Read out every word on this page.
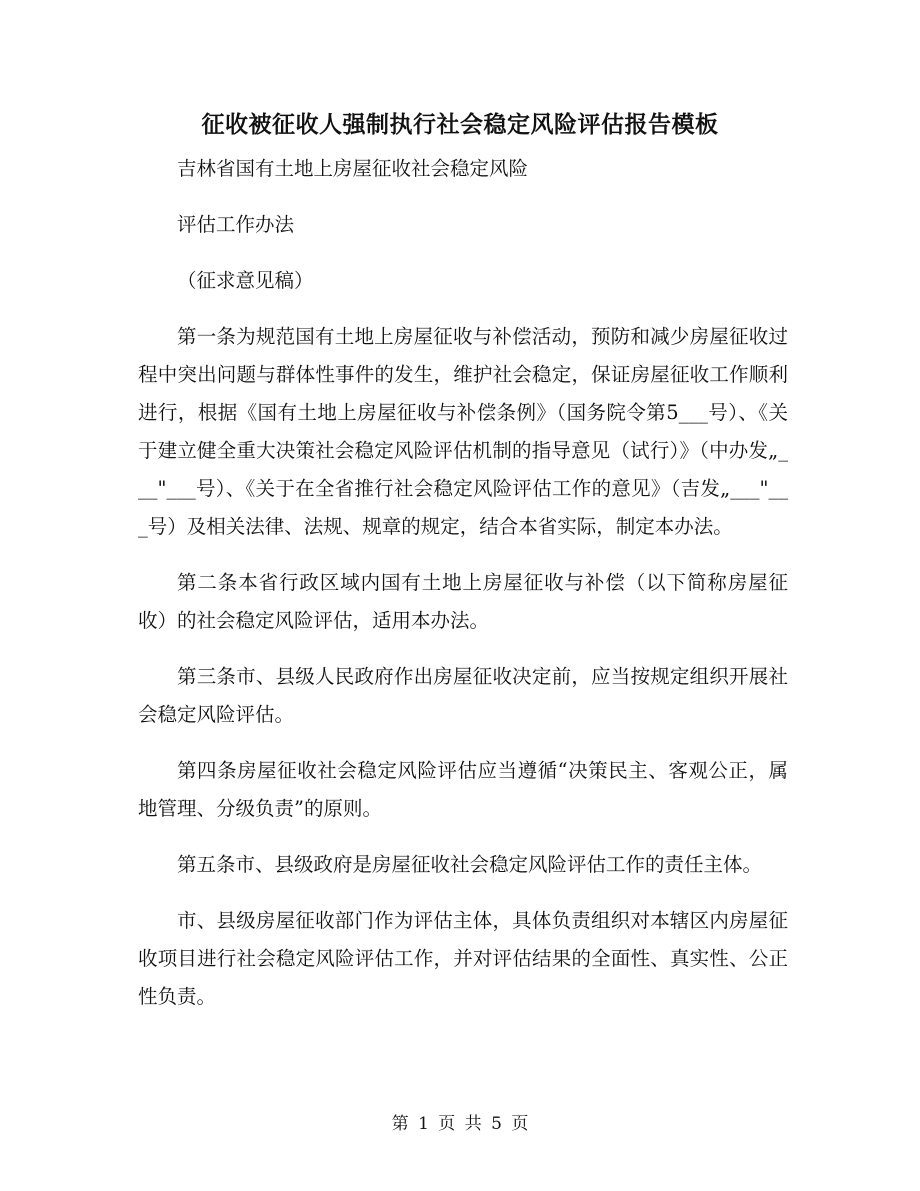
征收被征收人强制执行社会稳定风险评估报告模板

吉林省国有土地上房屋征收社会稳定风险

评估工作办法

（征求意见稿）

第一条为规范国有土地上房屋征收与补偿活动，预防和减少房屋征收过程中突出问题与群体性事件的发生，维护社会稳定，保证房屋征收工作顺利进行，根据《国有土地上房屋征收与补偿条例》（国务院令第5___号）、《关于建立健全重大决策社会稳定风险评估机制的指导意见（试行）》（中办发„___"___号）、《关于在全省推行社会稳定风险评估工作的意见》（吉发„___"___号）及相关法律、法规、规章的规定，结合本省实际，制定本办法。

第二条本省行政区域内国有土地上房屋征收与补偿（以下简称房屋征收）的社会稳定风险评估，适用本办法。

第三条市、县级人民政府作出房屋征收决定前，应当按规定组织开展社会稳定风险评估。

第四条房屋征收社会稳定风险评估应当遵循“决策民主、客观公正，属地管理、分级负责”的原则。

第五条市、县级政府是房屋征收社会稳定风险评估工作的责任主体。

市、县级房屋征收部门作为评估主体，具体负责组织对本辖区内房屋征收项目进行社会稳定风险评估工作，并对评估结果的全面性、真实性、公正性负责。

第 1 页 共 5 页
